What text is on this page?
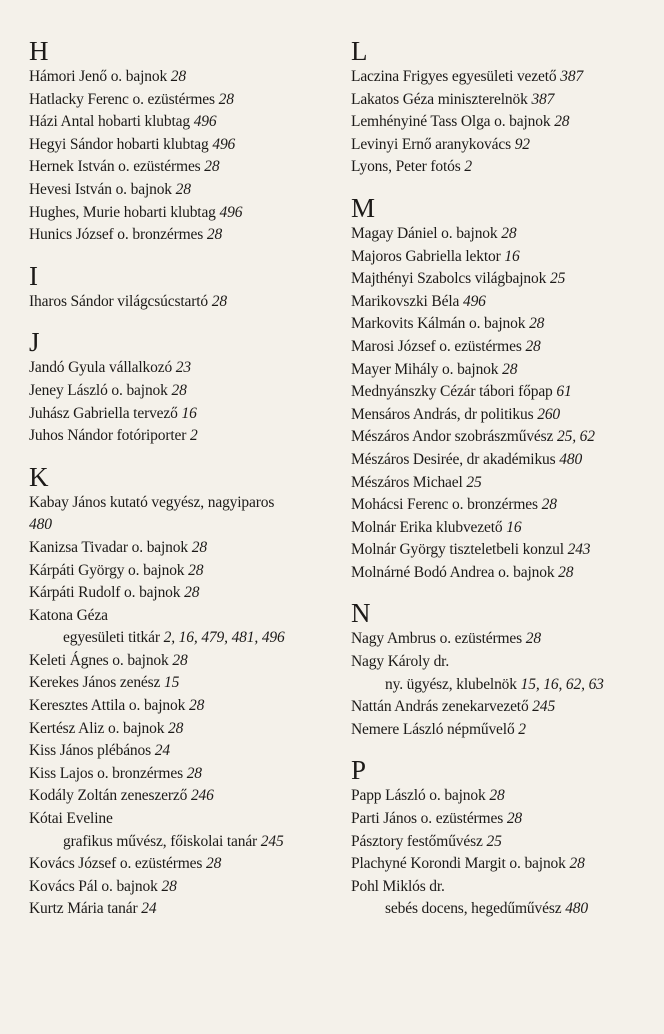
H
Hámori Jenő o. bajnok 28
Hatlacky Ferenc o. ezüstérmes 28
Házi Antal hobarti klubtag 496
Hegyi Sándor hobarti klubtag 496
Hernek István o. ezüstérmes 28
Hevesi István o. bajnok 28
Hughes, Murie hobarti klubtag 496
Hunics József o. bronzérmes 28
I
Iharos Sándor világcsúcstartó 28
J
Jandó Gyula vállalkozó 23
Jeney László o. bajnok 28
Juhász Gabriella tervező 16
Juhos Nándor fotóriporter 2
K
Kabay János kutató vegyész, nagyiparos
480
Kanizsa Tivadar o. bajnok 28
Kárpáti György o. bajnok 28
Kárpáti Rudolf o. bajnok 28
Katona Géza
egyesületi titkár 2, 16, 479, 481, 496
Keleti Ágnes o. bajnok 28
Kerekes János zenész 15
Keresztes Attila o. bajnok 28
Kertész Aliz o. bajnok 28
Kiss János plébános 24
Kiss Lajos o. bronzérmes 28
Kodály Zoltán zeneszerző 246
Kótai Eveline
grafikus művész, főiskolai tanár 245
Kovács József o. ezüstérmes 28
Kovács Pál o. bajnok 28
Kurtz Mária tanár 24
L
Laczina Frigyes egyesületi vezető 387
Lakatos Géza miniszterelnök 387
Lemhényiné Tass Olga o. bajnok 28
Levinyi Ernő aranykovács 92
Lyons, Peter fotós 2
M
Magay Dániel o. bajnok 28
Majoros Gabriella lektor 16
Majthényi Szabolcs világbajnok 25
Marikovszki Béla 496
Markovits Kálmán o. bajnok 28
Marosi József o. ezüstérmes 28
Mayer Mihály o. bajnok 28
Mednyánszky Cézár tábori főpap 61
Mensáros András, dr politikus 260
Mészáros Andor szobrászművész 25, 62
Mészáros Desirée, dr akadémikus 480
Mészáros Michael 25
Mohácsi Ferenc o. bronzérmes 28
Molnár Erika klubvezető 16
Molnár György tiszteletbeli konzul 243
Molnárné Bodó Andrea o. bajnok 28
N
Nagy Ambrus o. ezüstérmes 28
Nagy Károly dr.
ny. ügyész, klubelnök 15, 16, 62, 63
Nattán András zenekarvezető 245
Nemere László népművelő 2
P
Papp László o. bajnok 28
Parti János o. ezüstérmes 28
Pásztory festőművész 25
Plachyné Korondi Margit o. bajnok 28
Pohl Miklós dr.
sebés docens, hegedűművész 480
